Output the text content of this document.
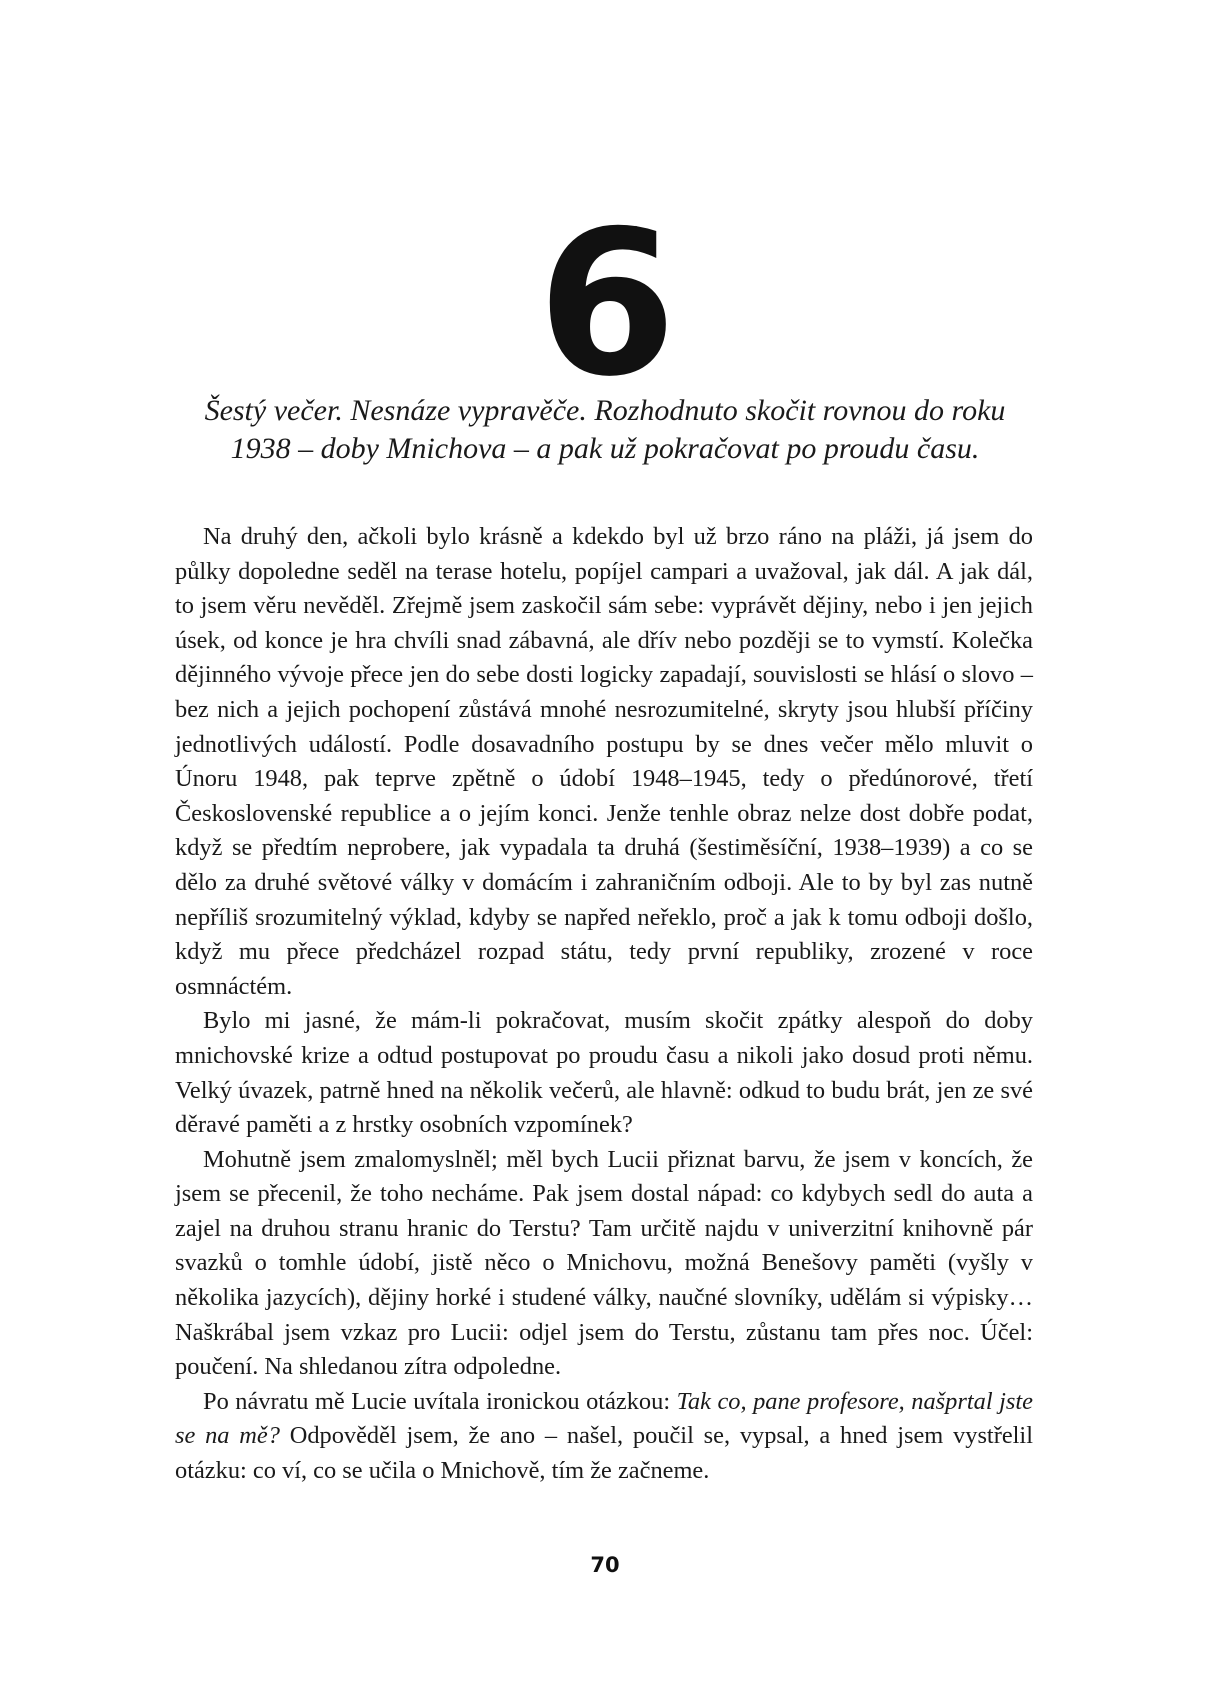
6
Šestý večer. Nesnáze vypravěče. Rozhodnuto skočit rovnou do roku
1938 – doby Mnichova – a pak už pokračovat po proudu času.

Na druhý den, ačkoli bylo krásně a kdekdo byl už brzo ráno na pláži, já jsem do půlky dopoledne seděl na terase hotelu, popíjel campari a uvažoval, jak dál. A jak dál, to jsem věru nevěděl. Zřejmě jsem zaskočil sám sebe: vyprávět dějiny, nebo i jen jejich úsek, od konce je hra chvíli snad zábavná, ale dřív nebo později se to vymstí. Kolečka dějinného vývoje přece jen do sebe dosti logicky zapadají, souvislosti se hlásí o slovo – bez nich a jejich pochopení zůstává mnohé nesrozumitelné, skryty jsou hlubší příčiny jednotlivých událostí. Podle dosavadního postupu by se dnes večer mělo mluvit o Únoru 1948, pak teprve zpětně o údobí 1948–1945, tedy o předúnorové, třetí Československé republice a o jejím konci. Jenže tenhle obraz nelze dost dobře podat, když se předtím neprobere, jak vypadala ta druhá (šestiměsíční, 1938–1939) a co se dělo za druhé světové války v domácím i zahraničním odboji. Ale to by byl zas nutně nepříliš srozumitelný výklad, kdyby se napřed neřeklo, proč a jak k tomu odboji došlo, když mu přece předcházel rozpad státu, tedy první republiky, zrozené v roce osmnáctém.

Bylo mi jasné, že mám-li pokračovat, musím skočit zpátky alespoň do doby mnichovské krize a odtud postupovat po proudu času a nikoli jako dosud proti němu. Velký úvazek, patrně hned na několik večerů, ale hlavně: odkud to budu brát, jen ze své děravé paměti a z hrstky osobních vzpomínek?

Mohutně jsem zmalomyslněl; měl bych Lucii přiznat barvu, že jsem v koncích, že jsem se přecenil, že toho necháme. Pak jsem dostal nápad: co kdybych sedl do auta a zajel na druhou stranu hranic do Terstu? Tam určitě najdu v univerzitní knihovně pár svazků o tomhle údobí, jistě něco o Mnichovu, možná Benešovy paměti (vyšly v několika jazycích), dějiny horké i studené války, naučné slovníky, udělám si výpisky… Naškrábal jsem vzkaz pro Lucii: odjel jsem do Terstu, zůstanu tam přes noc. Účel: poučení. Na shledanou zítra odpoledne.

Po návratu mě Lucie uvítala ironickou otázkou: Tak co, pane profesore, našprtal jste se na mě? Odpověděl jsem, že ano – našel, poučil se, vypsal, a hned jsem vystřelil otázku: co ví, co se učila o Mnichově, tím že začneme.

70
